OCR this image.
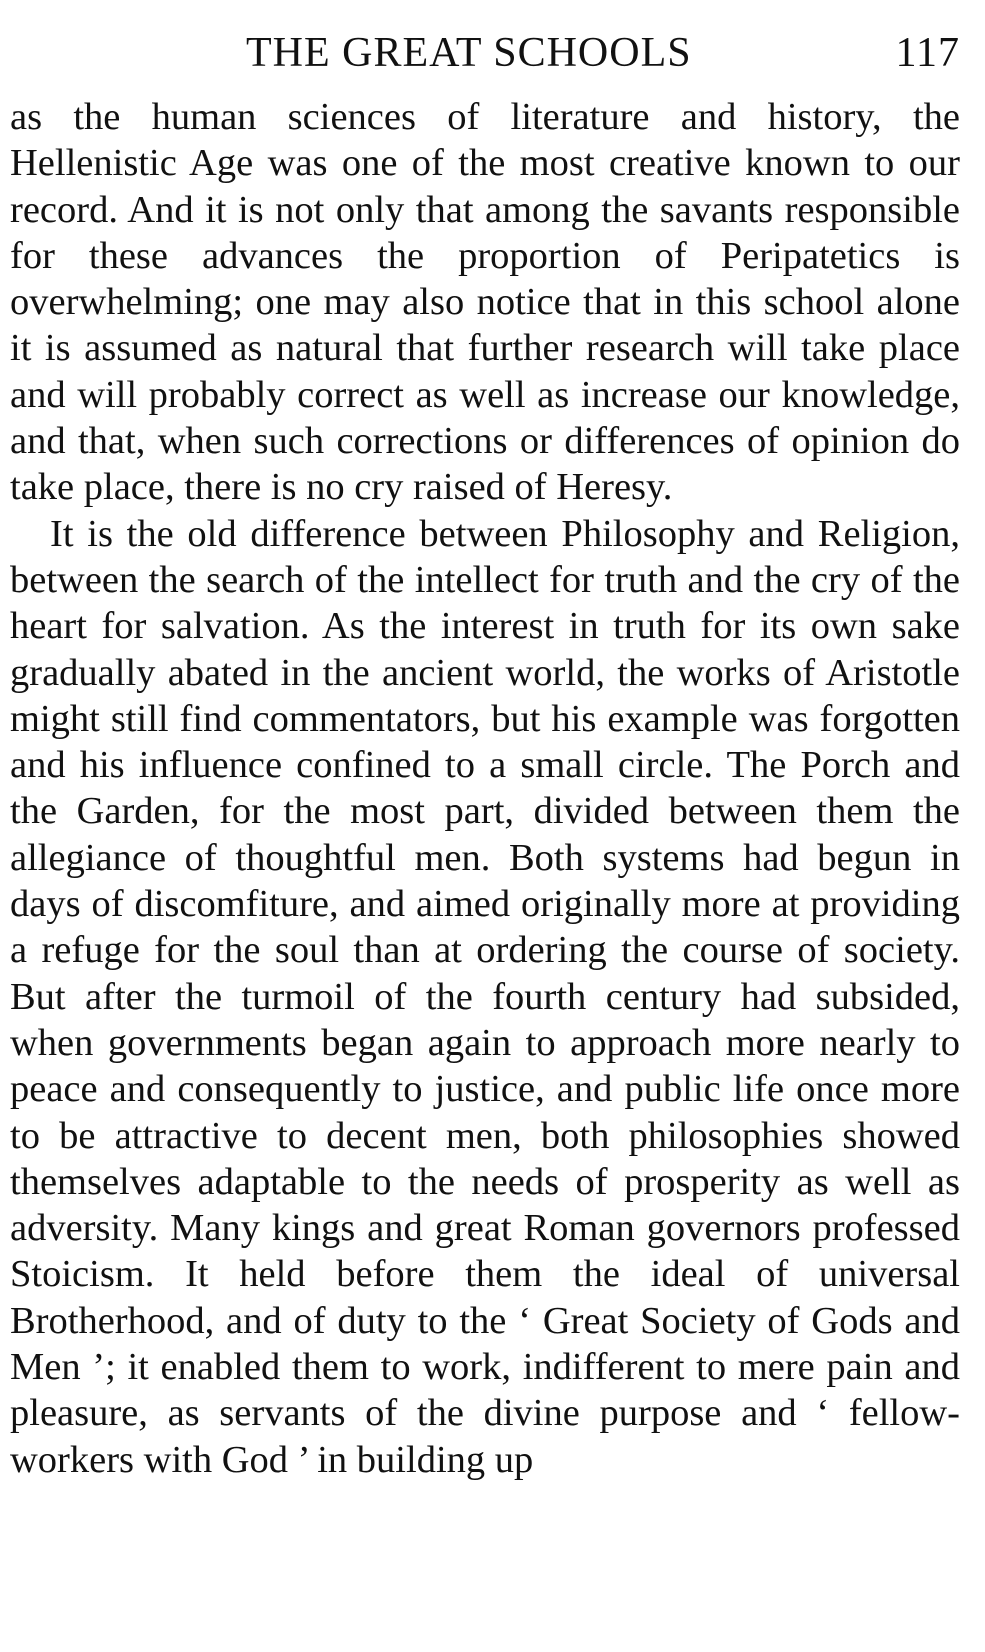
THE GREAT SCHOOLS	117

as the human sciences of literature and history, the Hellenistic Age was one of the most creative known to our record. And it is not only that among the savants responsible for these advances the proportion of Peripatetics is overwhelming; one may also notice that in this school alone it is assumed as natural that further research will take place and will probably correct as well as increase our knowledge, and that, when such corrections or differences of opinion do take place, there is no cry raised of Heresy.

It is the old difference between Philosophy and Religion, between the search of the intellect for truth and the cry of the heart for salvation. As the interest in truth for its own sake gradually abated in the ancient world, the works of Aristotle might still find commentators, but his example was forgotten and his influence confined to a small circle. The Porch and the Garden, for the most part, divided between them the allegiance of thoughtful men. Both systems had begun in days of discomfiture, and aimed originally more at providing a refuge for the soul than at ordering the course of society. But after the turmoil of the fourth century had subsided, when governments began again to approach more nearly to peace and consequently to justice, and public life once more to be attractive to decent men, both philosophies showed themselves adaptable to the needs of prosperity as well as adversity. Many kings and great Roman governors professed Stoicism. It held before them the ideal of universal Brotherhood, and of duty to the ‘ Great Society of Gods and Men ’; it enabled them to work, indifferent to mere pain and pleasure, as servants of the divine purpose and ‘ fellow-workers with God ’ in building up
